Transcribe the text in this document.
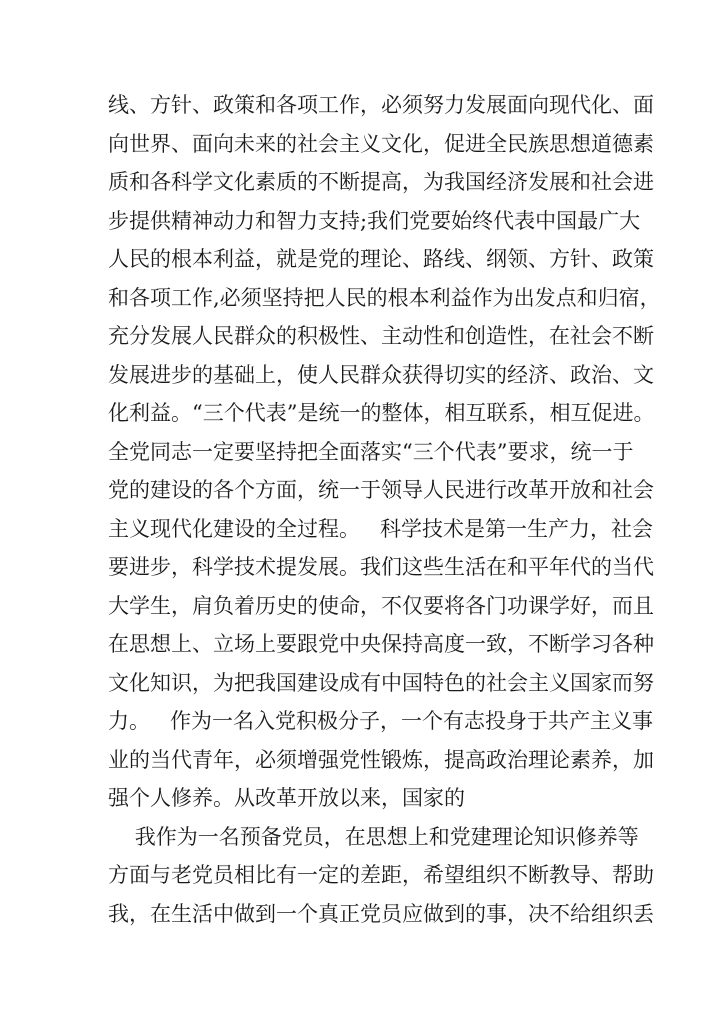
线、方针、政策和各项工作，必须努力发展面向现代化、面
向世界、面向未来的社会主义文化，促进全民族思想道德素
质和各科学文化素质的不断提高，为我国经济发展和社会进
步提供精神动力和智力支持;我们党要始终代表中国最广大
人民的根本利益，就是党的理论、路线、纲领、方针、政策
和各项工作,必须坚持把人民的根本利益作为出发点和归宿，
充分发展人民群众的积极性、主动性和创造性，在社会不断
发展进步的基础上，使人民群众获得切实的经济、政治、文
化利益。“三个代表”是统一的整体，相互联系，相互促进。
全党同志一定要坚持把全面落实“三个代表”要求，统一于
党的建设的各个方面，统一于领导人民进行改革开放和社会
主义现代化建设的全过程。   科学技术是第一生产力，社会
要进步，科学技术提发展。我们这些生活在和平年代的当代
大学生，肩负着历史的使命，不仅要将各门功课学好，而且
在思想上、立场上要跟党中央保持高度一致，不断学习各种
文化知识，为把我国建设成有中国特色的社会主义国家而努
力。   作为一名入党积极分子，一个有志投身于共产主义事
业的当代青年，必须增强党性锻炼，提高政治理论素养，加
强个人修养。从改革开放以来，国家的
我作为一名预备党员，在思想上和党建理论知识修养等
方面与老党员相比有一定的差距，希望组织不断教导、帮助
我，在生活中做到一个真正党员应做到的事，决不给组织丢
